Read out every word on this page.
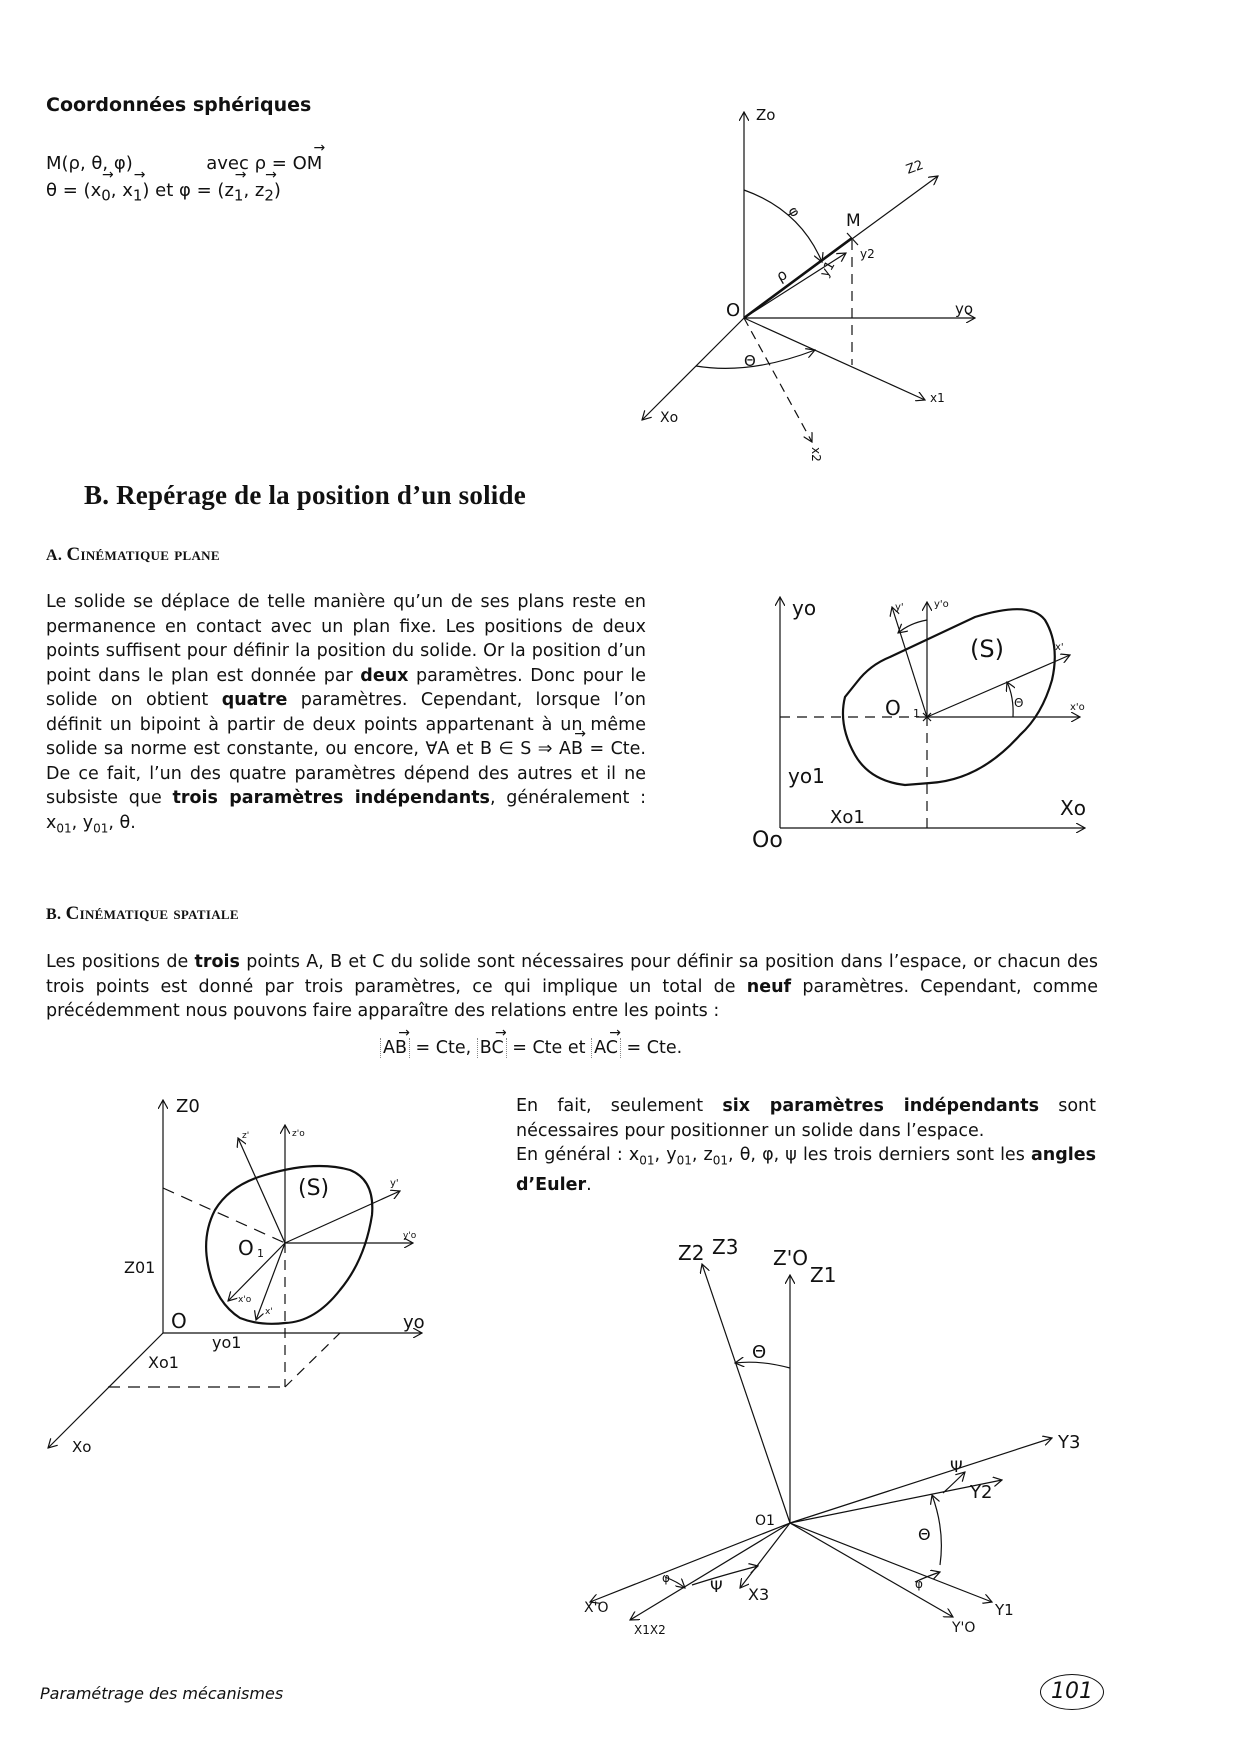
Coordonnées sphériques
M(ρ, θ, φ)	avec ρ = → OM
θ = (→ $x_0$, → $x_1$) et φ = (→ $z_1$, → $z_2$)
Zo
Z2
M
φ
ρ y1
y2
O	yo
Θ
Xo
x1
x2
B. Repérage de la position d’un solide
A. Cinématique plane
Le solide se déplace de telle manière qu’un de ses plans reste en permanence en contact avec un plan fixe. Les positions de deux points suffisent pour définir la position du solide. Or la position d’un point dans le plan est donnée par deux paramètres. Donc pour le solide on obtient quatre paramètres. Cependant, lorsque l’on définit un bipoint à partir de deux points appartenant à un même solide sa norme est constante, ou encore, ∀A et B ∈ S ⇒ → AB = Cte. De ce fait, l’un des quatre paramètres dépend des autres et il ne subsiste que trois paramètres indépendants, généralement : $x_{01}$, $y_{01}$, θ.
yo	y'	y'o
(S)	x'
O 1
Θ	x'o
yo1
Xo
Xo1
Oo
B. Cinématique spatiale
Les positions de trois points A, B et C du solide sont nécessaires pour définir sa position dans l’espace, or chacun des trois points est donné par trois paramètres, ce qui implique un total de neuf paramètres. Cependant, comme précédemment nous pouvons faire apparaître des relations entre les points :
→ AB = Cte, → BC = Cte et → AC = Cte.
En fait, seulement six paramètres indépendants sont nécessaires pour positionner un solide dans l’espace.
En général : $x_{01}$, $y_{01}$, $z_{01}$, θ, φ, ψ les trois derniers sont les angles d’Euler.
Z0
z'	z'o
(S)	y'
y'o
O 1
Z01
x'o
x'
O	yo
yo1
Xo1
Xo
Z2 Z3 Z'O
Z1
Θ
Y3
Ψ
Y2
O1
Θ
φ
Ψ X3
φ
X'O
X1X2	Y'O
Y1
Paramétrage des mécanismes	101
